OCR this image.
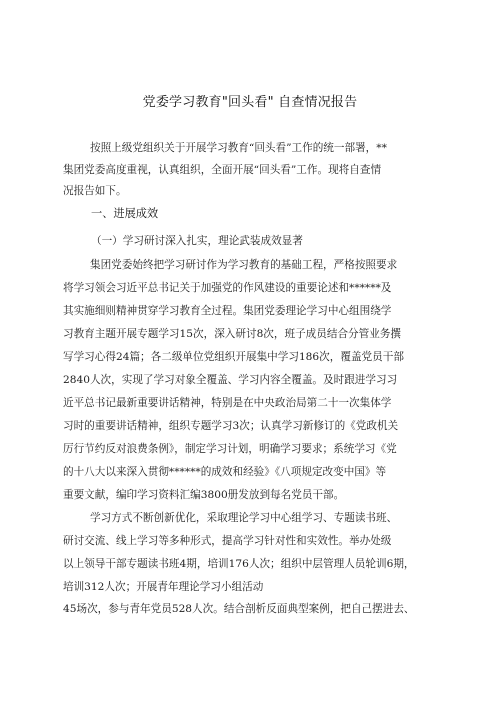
党委学习教育"回头看" 自查情况报告
按照上级党组织关于开展学习教育“回头看”工作的统一部署，**
集团党委高度重视，认真组织，全面开展“回头看”工作。现将自查情
况报告如下。
一、进展成效
（一）学习研讨深入扎实，理论武装成效显著
集团党委始终把学习研讨作为学习教育的基础工程，严格按照要求
将学习领会习近平总书记关于加强党的作风建设的重要论述和******及
其实施细则精神贯穿学习教育全过程。集团党委理论学习中心组围绕学
习教育主题开展专题学习15次，深入研讨8次，班子成员结合分管业务撰
写学习心得24篇；各二级单位党组织开展集中学习186次，覆盖党员干部
2840人次，实现了学习对象全覆盖、学习内容全覆盖。及时跟进学习习
近平总书记最新重要讲话精神，特别是在中央政治局第二十一次集体学
习时的重要讲话精神，组织专题学习3次；认真学习新修订的《党政机关
厉行节约反对浪费条例》，制定学习计划，明确学习要求；系统学习《党
的十八大以来深入贯彻******的成效和经验》《八项规定改变中国》等
重要文献，编印学习资料汇编3800册发放到每名党员干部。
学习方式不断创新优化，采取理论学习中心组学习、专题读书班、
研讨交流、线上学习等多种形式，提高学习针对性和实效性。举办处级
以上领导干部专题读书班4期，培训176人次；组织中层管理人员轮训6期，
培训312人次；开展青年理论学习小组活动
45场次，参与青年党员528人次。结合剖析反面典型案例，把自己摆进去、
